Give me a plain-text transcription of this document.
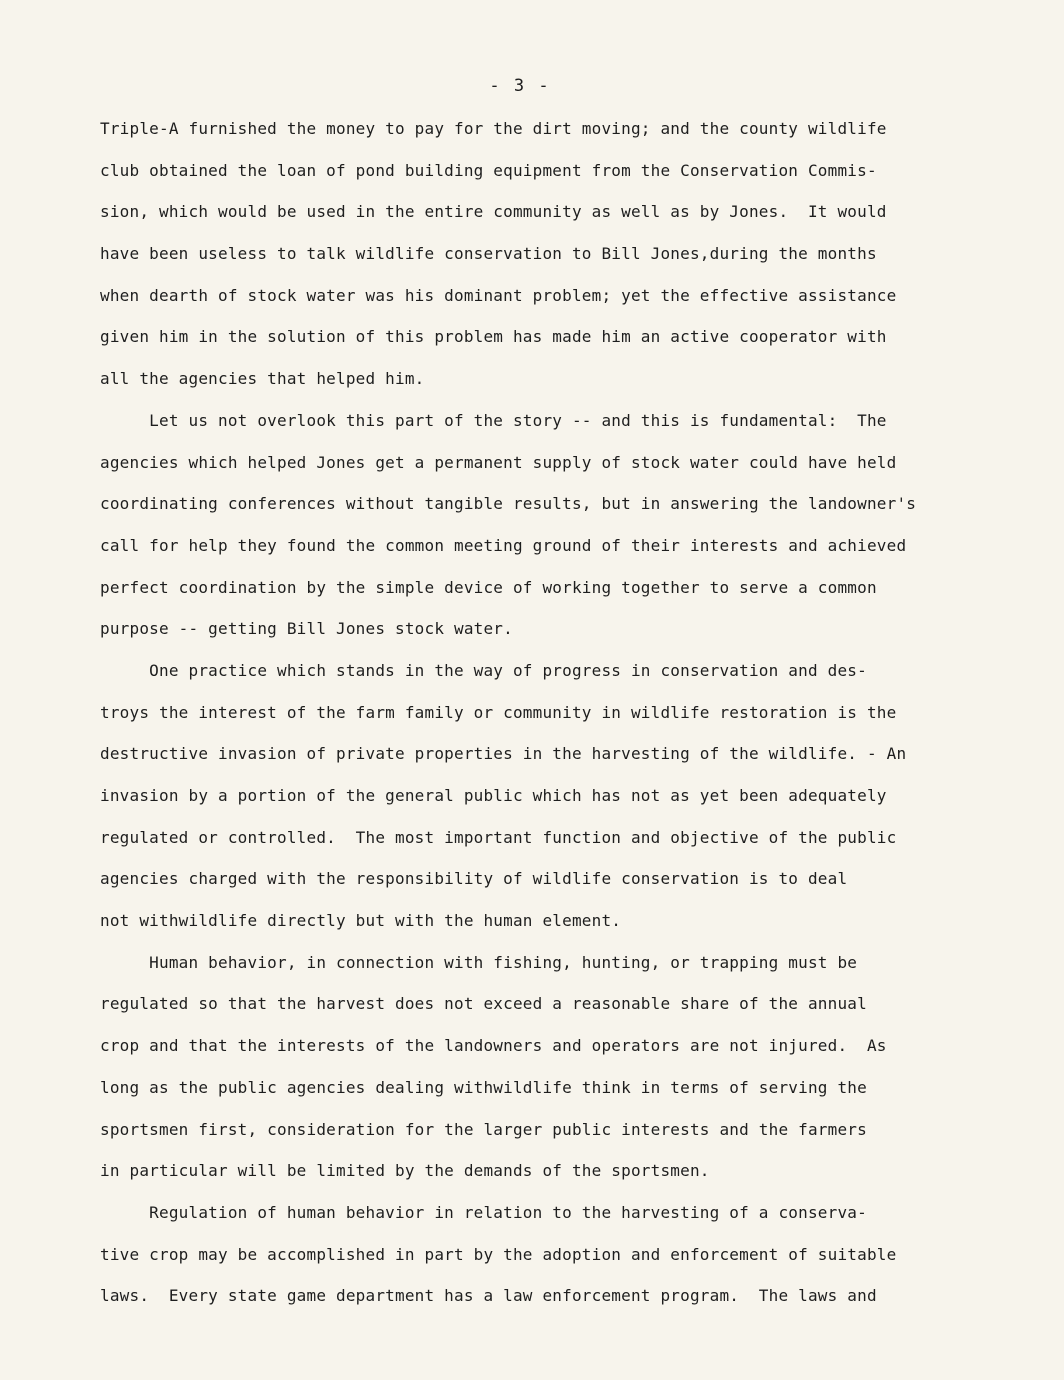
- 3 -
Triple-A furnished the money to pay for the dirt moving; and the county wildlife
club obtained the loan of pond building equipment from the Conservation Commis-
sion, which would be used in the entire community as well as by Jones.  It would
have been useless to talk wildlife conservation to Bill Jones,during the months
when dearth of stock water was his dominant problem; yet the effective assistance
given him in the solution of this problem has made him an active cooperator with
all the agencies that helped him.
Let us not overlook this part of the story -- and this is fundamental:  The
agencies which helped Jones get a permanent supply of stock water could have held
coordinating conferences without tangible results, but in answering the landowner's
call for help they found the common meeting ground of their interests and achieved
perfect coordination by the simple device of working together to serve a common
purpose -- getting Bill Jones stock water.
One practice which stands in the way of progress in conservation and des-
troys the interest of the farm family or community in wildlife restoration is the
destructive invasion of private properties in the harvesting of the wildlife. - An
invasion by a portion of the general public which has not as yet been adequately
regulated or controlled.  The most important function and objective of the public
agencies charged with the responsibility of wildlife conservation is to deal
not withwildlife directly but with the human element.
Human behavior, in connection with fishing, hunting, or trapping must be
regulated so that the harvest does not exceed a reasonable share of the annual
crop and that the interests of the landowners and operators are not injured.  As
long as the public agencies dealing withwildlife think in terms of serving the
sportsmen first, consideration for the larger public interests and the farmers
in particular will be limited by the demands of the sportsmen.
Regulation of human behavior in relation to the harvesting of a conserva-
tive crop may be accomplished in part by the adoption and enforcement of suitable
laws.  Every state game department has a law enforcement program.  The laws and
